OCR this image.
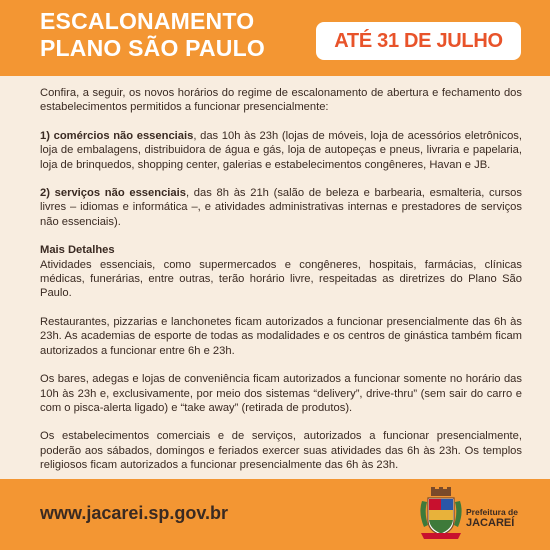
ESCALONAMENTO
PLANO SÃO PAULO	ATÉ 31 DE JULHO

Confira, a seguir, os novos horários do regime de escalonamento de abertura e fechamento dos estabelecimentos permitidos a funcionar presencialmente:

1) comércios não essenciais, das 10h às 23h (lojas de móveis, loja de acessórios eletrônicos, loja de embalagens, distribuidora de água e gás, loja de autopeças e pneus, livraria e papelaria, loja de brinquedos, shopping center, galerias e estabelecimentos congêneres, Havan e JB.

2) serviços não essenciais, das 8h às 21h (salão de beleza e barbearia, esmalteria, cursos livres – idiomas e informática –, e atividades administrativas internas e prestadores de serviços não essenciais).

Mais Detalhes
Atividades essenciais, como supermercados e congêneres, hospitais, farmácias, clínicas médicas, funerárias, entre outras, terão horário livre, respeitadas as diretrizes do Plano São Paulo.

Restaurantes, pizzarias e lanchonetes ficam autorizados a funcionar presencialmente das 6h às 23h. As academias de esporte de todas as modalidades e os centros de ginástica também ficam autorizados a funcionar entre 6h e 23h.

Os bares, adegas e lojas de conveniência ficam autorizados a funcionar somente no horário das 10h às 23h e, exclusivamente, por meio dos sistemas “delivery”, drive-thru” (sem sair do carro e com o pisca-alerta ligado) e “take away” (retirada de produtos).

Os estabelecimentos comerciais e de serviços, autorizados a funcionar presencialmente, poderão aos sábados, domingos e feriados exercer suas atividades das 6h às 23h. Os templos religiosos ficam autorizados a funcionar presencialmente das 6h às 23h.

www.jacarei.sp.gov.br	Prefeitura de
JACAREÍ
